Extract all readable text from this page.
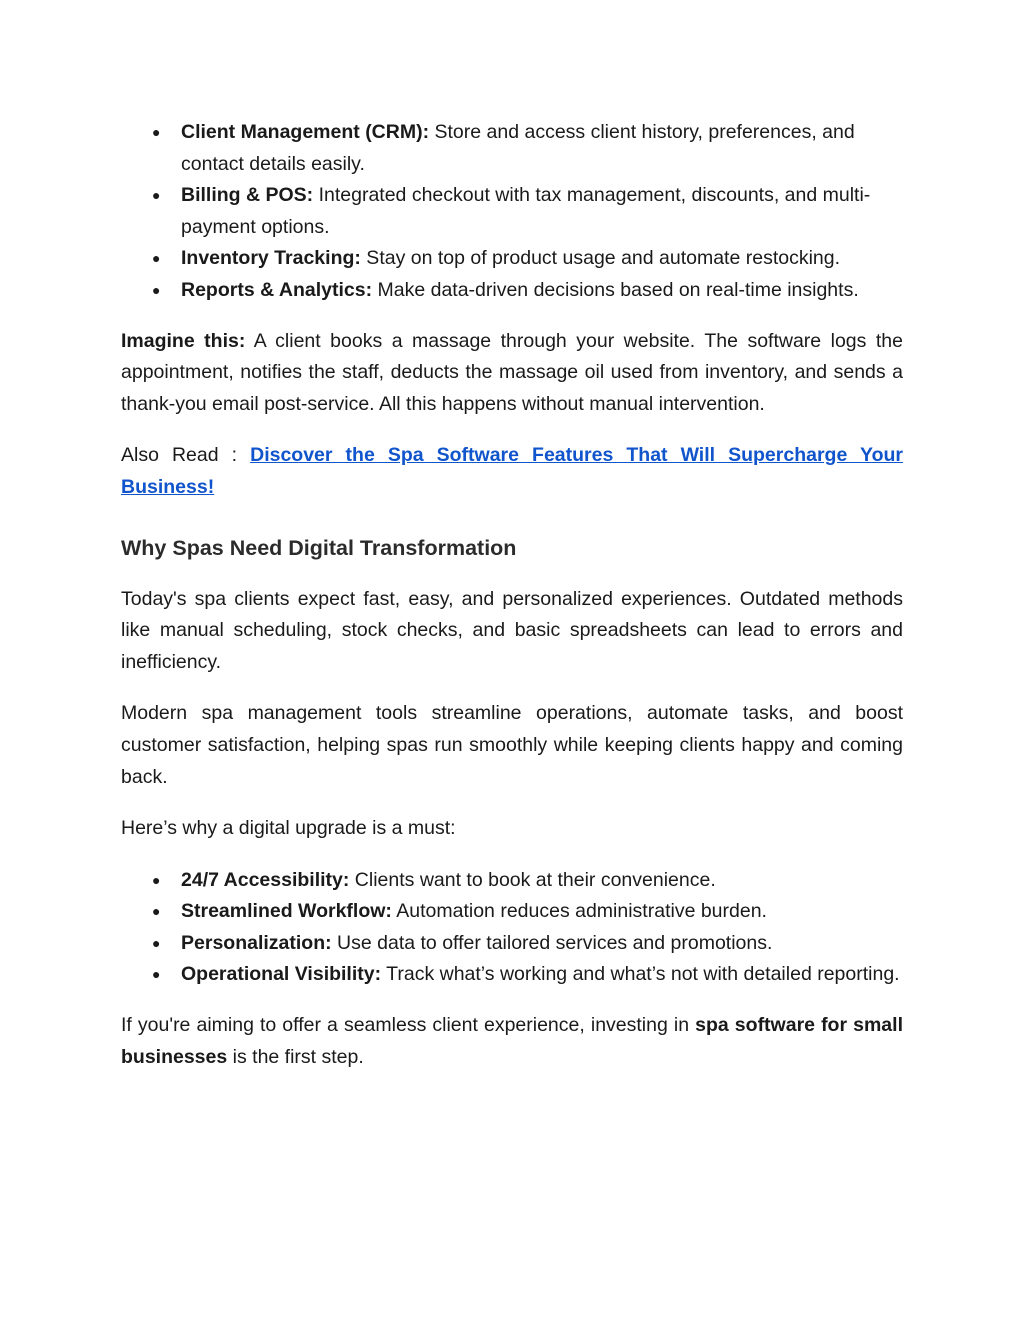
● Client Management (CRM): Store and access client history, preferences, and contact details easily.
● Billing & POS: Integrated checkout with tax management, discounts, and multi-payment options.
● Inventory Tracking: Stay on top of product usage and automate restocking.
● Reports & Analytics: Make data-driven decisions based on real-time insights.

Imagine this: A client books a massage through your website. The software logs the appointment, notifies the staff, deducts the massage oil used from inventory, and sends a thank-you email post-service. All this happens without manual intervention.

Also Read : Discover the Spa Software Features That Will Supercharge Your Business!

Why Spas Need Digital Transformation

Today's spa clients expect fast, easy, and personalized experiences. Outdated methods like manual scheduling, stock checks, and basic spreadsheets can lead to errors and inefficiency.

Modern spa management tools streamline operations, automate tasks, and boost customer satisfaction, helping spas run smoothly while keeping clients happy and coming back.

Here’s why a digital upgrade is a must:

● 24/7 Accessibility: Clients want to book at their convenience.
● Streamlined Workflow: Automation reduces administrative burden.
● Personalization: Use data to offer tailored services and promotions.
● Operational Visibility: Track what’s working and what’s not with detailed reporting.

If you're aiming to offer a seamless client experience, investing in spa software for small businesses is the first step.
